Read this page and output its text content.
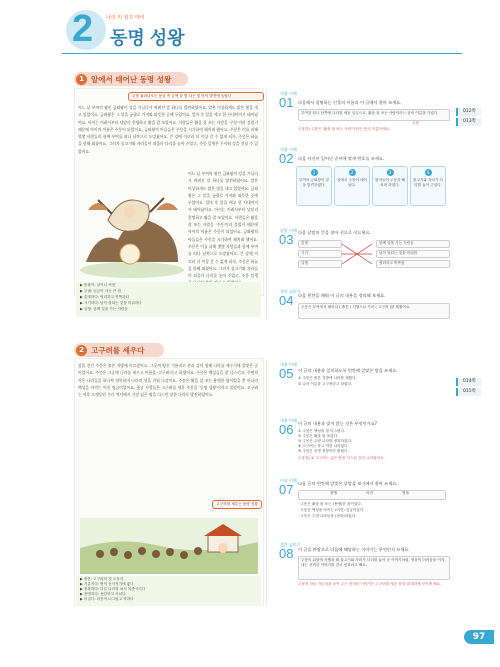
2	나의 미 힐끄 마미
동명 성왕
1 알에서 태어난 동명 성왕
금빛 흘러나오는 동굴 속 금색 알 빛 나는 빛 아이 발견에 놀랐다
어느 날 부여의 왕인 금와왕이 강을 거닐다가 버려진 알 하나를 발견하였어요. 알은 이상하게도 밝은 빛을 내고 있었어요. 금와왕은 그 알을 궁궐로 가져와 따뜻한 곳에 두었어요. 얼마 후 알을 깨고 한 사내아이가 태어났어요. 아이는 어려서부터 남달리 총명하고 활을 잘 쏘았어요. 사람들은 활을 잘 쏘는 사람을 '주몽'이라 불렀기 때문에 아이의 이름은 주몽이 되었어요. 금와왕의 아들들은 주몽을 시기하여 해치려 했어요. 주몽은 이를 피해 몇몇 사람들과 함께 부여를 떠나 남쪽으로 도망쳤어요. 큰 강에 이르러 더 이상 갈 수 없게 되자, 주몽은 하늘을 향해 외쳤어요. 그러자 물고기와 자라들이 떠올라 다리를 놓아 주었고, 주몽 일행은 무사히 강을 건널 수 있었어요.
어느 날 부여의 왕인 금와왕이 강을 거닐다가 버려진 알 하나를 발견하였어요. 알은 이상하게도 밝은 빛을 내고 있었어요. 금와왕은 그 알을 궁궐로 가져와 따뜻한 곳에 두었어요. 얼마 후 알을 깨고 한 사내아이가 태어났어요. 아이는 어려서부터 남달리 총명하고 활을 잘 쏘았어요. 사람들은 활을 잘 쏘는 사람을 '주몽'이라 불렀기 때문에 아이의 이름은 주몽이 되었어요. 금와왕의 아들들은 주몽을 시기하여 해치려 했어요. 주몽은 이를 피해 몇몇 사람들과 함께 부여를 떠나 남쪽으로 도망쳤어요. 큰 강에 이르러 더 이상 갈 수 없게 되자, 주몽은 하늘을 향해 외쳤어요. 그러자 물고기와 자라들이 떠올라 다리를 놓아 주었고, 주몽 일행
▶ 뜻풀이: 알이나 씨앗
▶ 궁궐: 임금이 사는 큰 집
▶ 총명하다: 영리하고 똑똑하다
▶ 시기하다: 남이 잘되는 것을 미워하다
▶ 일행: 함께 길을 가는 사람들
내용 이해
01 다음에서 설명하는 인물의 이름과 이 글에서 찾아 쓰세요.
부여를 떠나 남쪽에 나라를 세운 임금으로, 활을 잘 쏘는 사람이라는 뜻의 이름을 가졌다.
주몽
도움말) 주몽은 '활을 잘 쏘는 사람'이라는 뜻의 이름이에요.
012쪽
013쪽
내용 이해
02 다음 사건이 일어난 순서에 맞게 번호를 쓰세요.
1
부여의 금와왕이 알을 발견하였다.
2
알에서 주몽이 태어났다.
3
왕자들이 주몽을 해치려 하였다.
4
물고기와 자라가 다리를 놓아 주었다.
낱말 이해
03 다음 낱말의 뜻을 찾아 선으로 이으세요.
총명
시기
일행
함께 길을 가는 사람들
남이 잘되는 것을 미워함
영리하고 똑똑함
생각 넓히기
04 다음 빈칸을 채워 이 글의 내용을 정리해 보세요.
주몽은 부여에서 태어나 ( 졸본 ) 지방으로 가서 ( 고구려 )를 세웠어요.
2 고구려를 세우다
강을 건넌 주몽은 졸본 지방에 이르렀어요. 그곳의 땅은 기름지고 산과 강이 험해 나라를 세우기에 알맞은 곳이었어요. 주몽은 그곳에 나라를 세우고 이름을 '고구려'라고 하였어요. 주몽은 백성들을 잘 다스리고, 주변의 작은 나라들을 하나씩 정복하며 나라의 힘을 키워 나갔어요. 주몽은 활을 잘 쏘는 용맹한 왕이었을 뿐 아니라 백성을 아끼는 어진 임금이었어요. 훗날 사람들은 고구려를 세운 주몽을 '동명 성왕'이라고 불렀어요. 고구려는 이후 오랫동안 우리 역사에서 가장 넓은 땅을 다스린 강한 나라로 발전하였어요.
고구려를 세우는 동명 성왕
▶ 졸본: 고구려의 첫 도읍지
▶ 기름지다: 땅이 농사짓기에 좋다
▶ 정복하다: 다른 나라를 쳐서 복종시키다
▶ 용맹하다: 용감하고 사납다
▶ 어질다: 마음이 너그럽고 착하다
내용 이해
05 이 글의 내용과 일치하도록 빈칸에 알맞은 말을 쓰세요.
① 주몽은 졸본 지방에 나라를 세웠다.
② 나라 이름을 고구려라고 하였다.	014쪽
015쪽
내용 이해
06 이 글의 내용과 맞지 않는 것은 무엇인가요?
① 주몽은 백성을 잘 다스렸다.
② 주몽은 활을 잘 쏘았다.
③ 주몽은 주변 나라를 정복하였다.
④ 고구려는 작고 약한 나라였다.
⑤ 주몽은 동명 성왕이라 불렸다.
도움말) ④ 고구려는 넓은 땅을 다스린 강한 나라였어요.
어휘 이해
07 다음 글의 빈칸에 알맞은 낱말을 보기에서 찾아 쓰세요.
용맹	어진	정복
· 주몽은 활을 잘 쏘는 (용맹)한 왕이었다.
· 주몽은 백성을 아끼는 (어진) 임금이었다.
· 주몽은 주변 나라들을 (정복)하였다.
생각 넓히기
08 이 글을 바탕으로 다음에 해당하는 이야기는 무엇인지 쓰세요.
주몽이 위험에 처했을 때 물고기와 자라가 다리를 놓아 준 이야기처럼, 영웅이 어려움을 이겨 내는 신비한 이야기를 건국 신화라고 해요.
주몽의 하늘 자손임을 보여 주는 신비한 이야기는 고구려를 세운 왕을 위대하게 보이게 해요.
97
